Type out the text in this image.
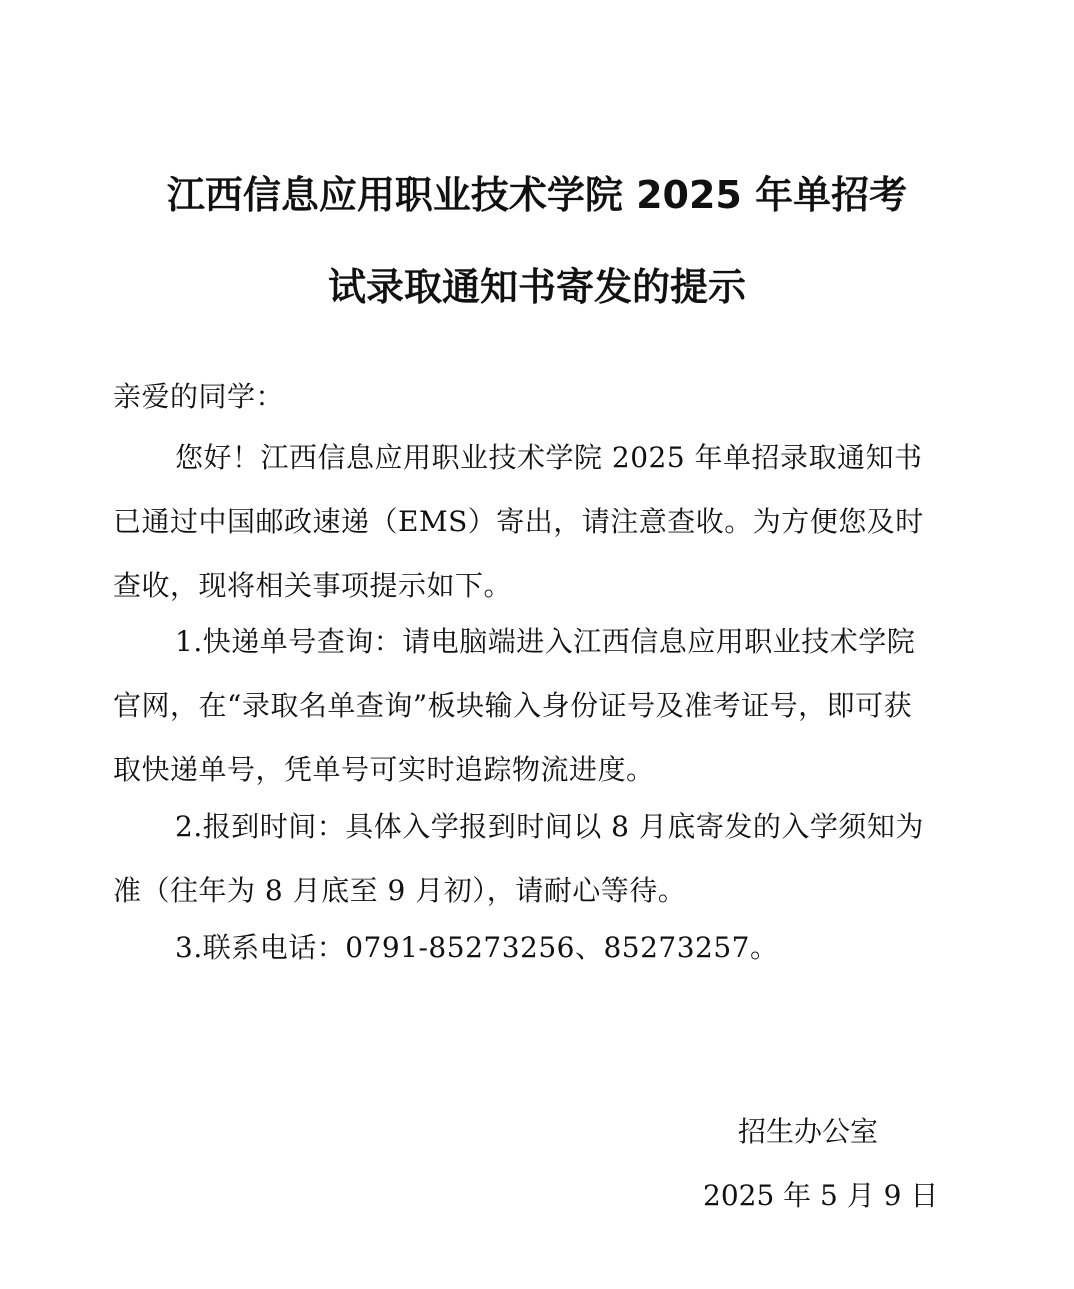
江西信息应用职业技术学院 2025 年单招考
试录取通知书寄发的提示
亲爱的同学：

您好！江西信息应用职业技术学院 2025 年单招录取通知书已通过中国邮政速递（EMS）寄出，请注意查收。为方便您及时查收，现将相关事项提示如下。

1.快递单号查询：请电脑端进入江西信息应用职业技术学院官网，在“录取名单查询”板块输入身份证号及准考证号，即可获取快递单号，凭单号可实时追踪物流进度。

2.报到时间：具体入学报到时间以 8 月底寄发的入学须知为准（往年为 8 月底至 9 月初），请耐心等待。

3.联系电话：0791-85273256、85273257。

招生办公室
2025 年 5 月 9 日
